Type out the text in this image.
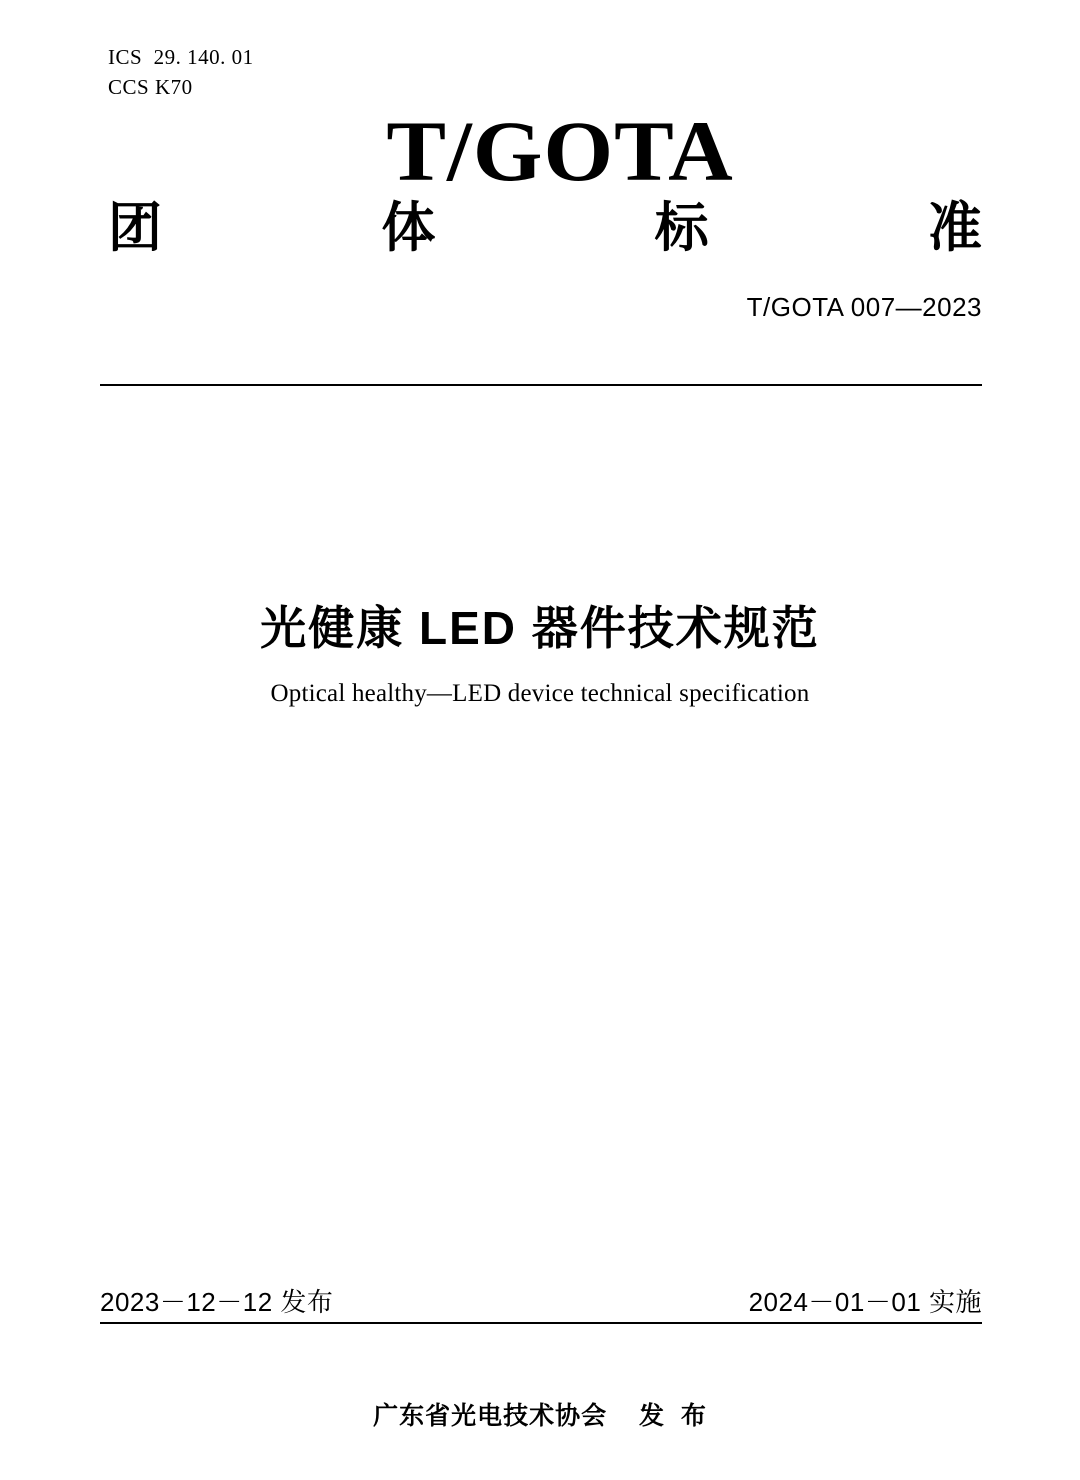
ICS  29. 140. 01
CCS K70
T/GOTA
团	体	标	准
T/GOTA 007—2023
光健康 LED 器件技术规范
Optical healthy—LED device technical specification
2023－12－12 发布	2024－01－01 实施
广东省光电技术协会    发  布
